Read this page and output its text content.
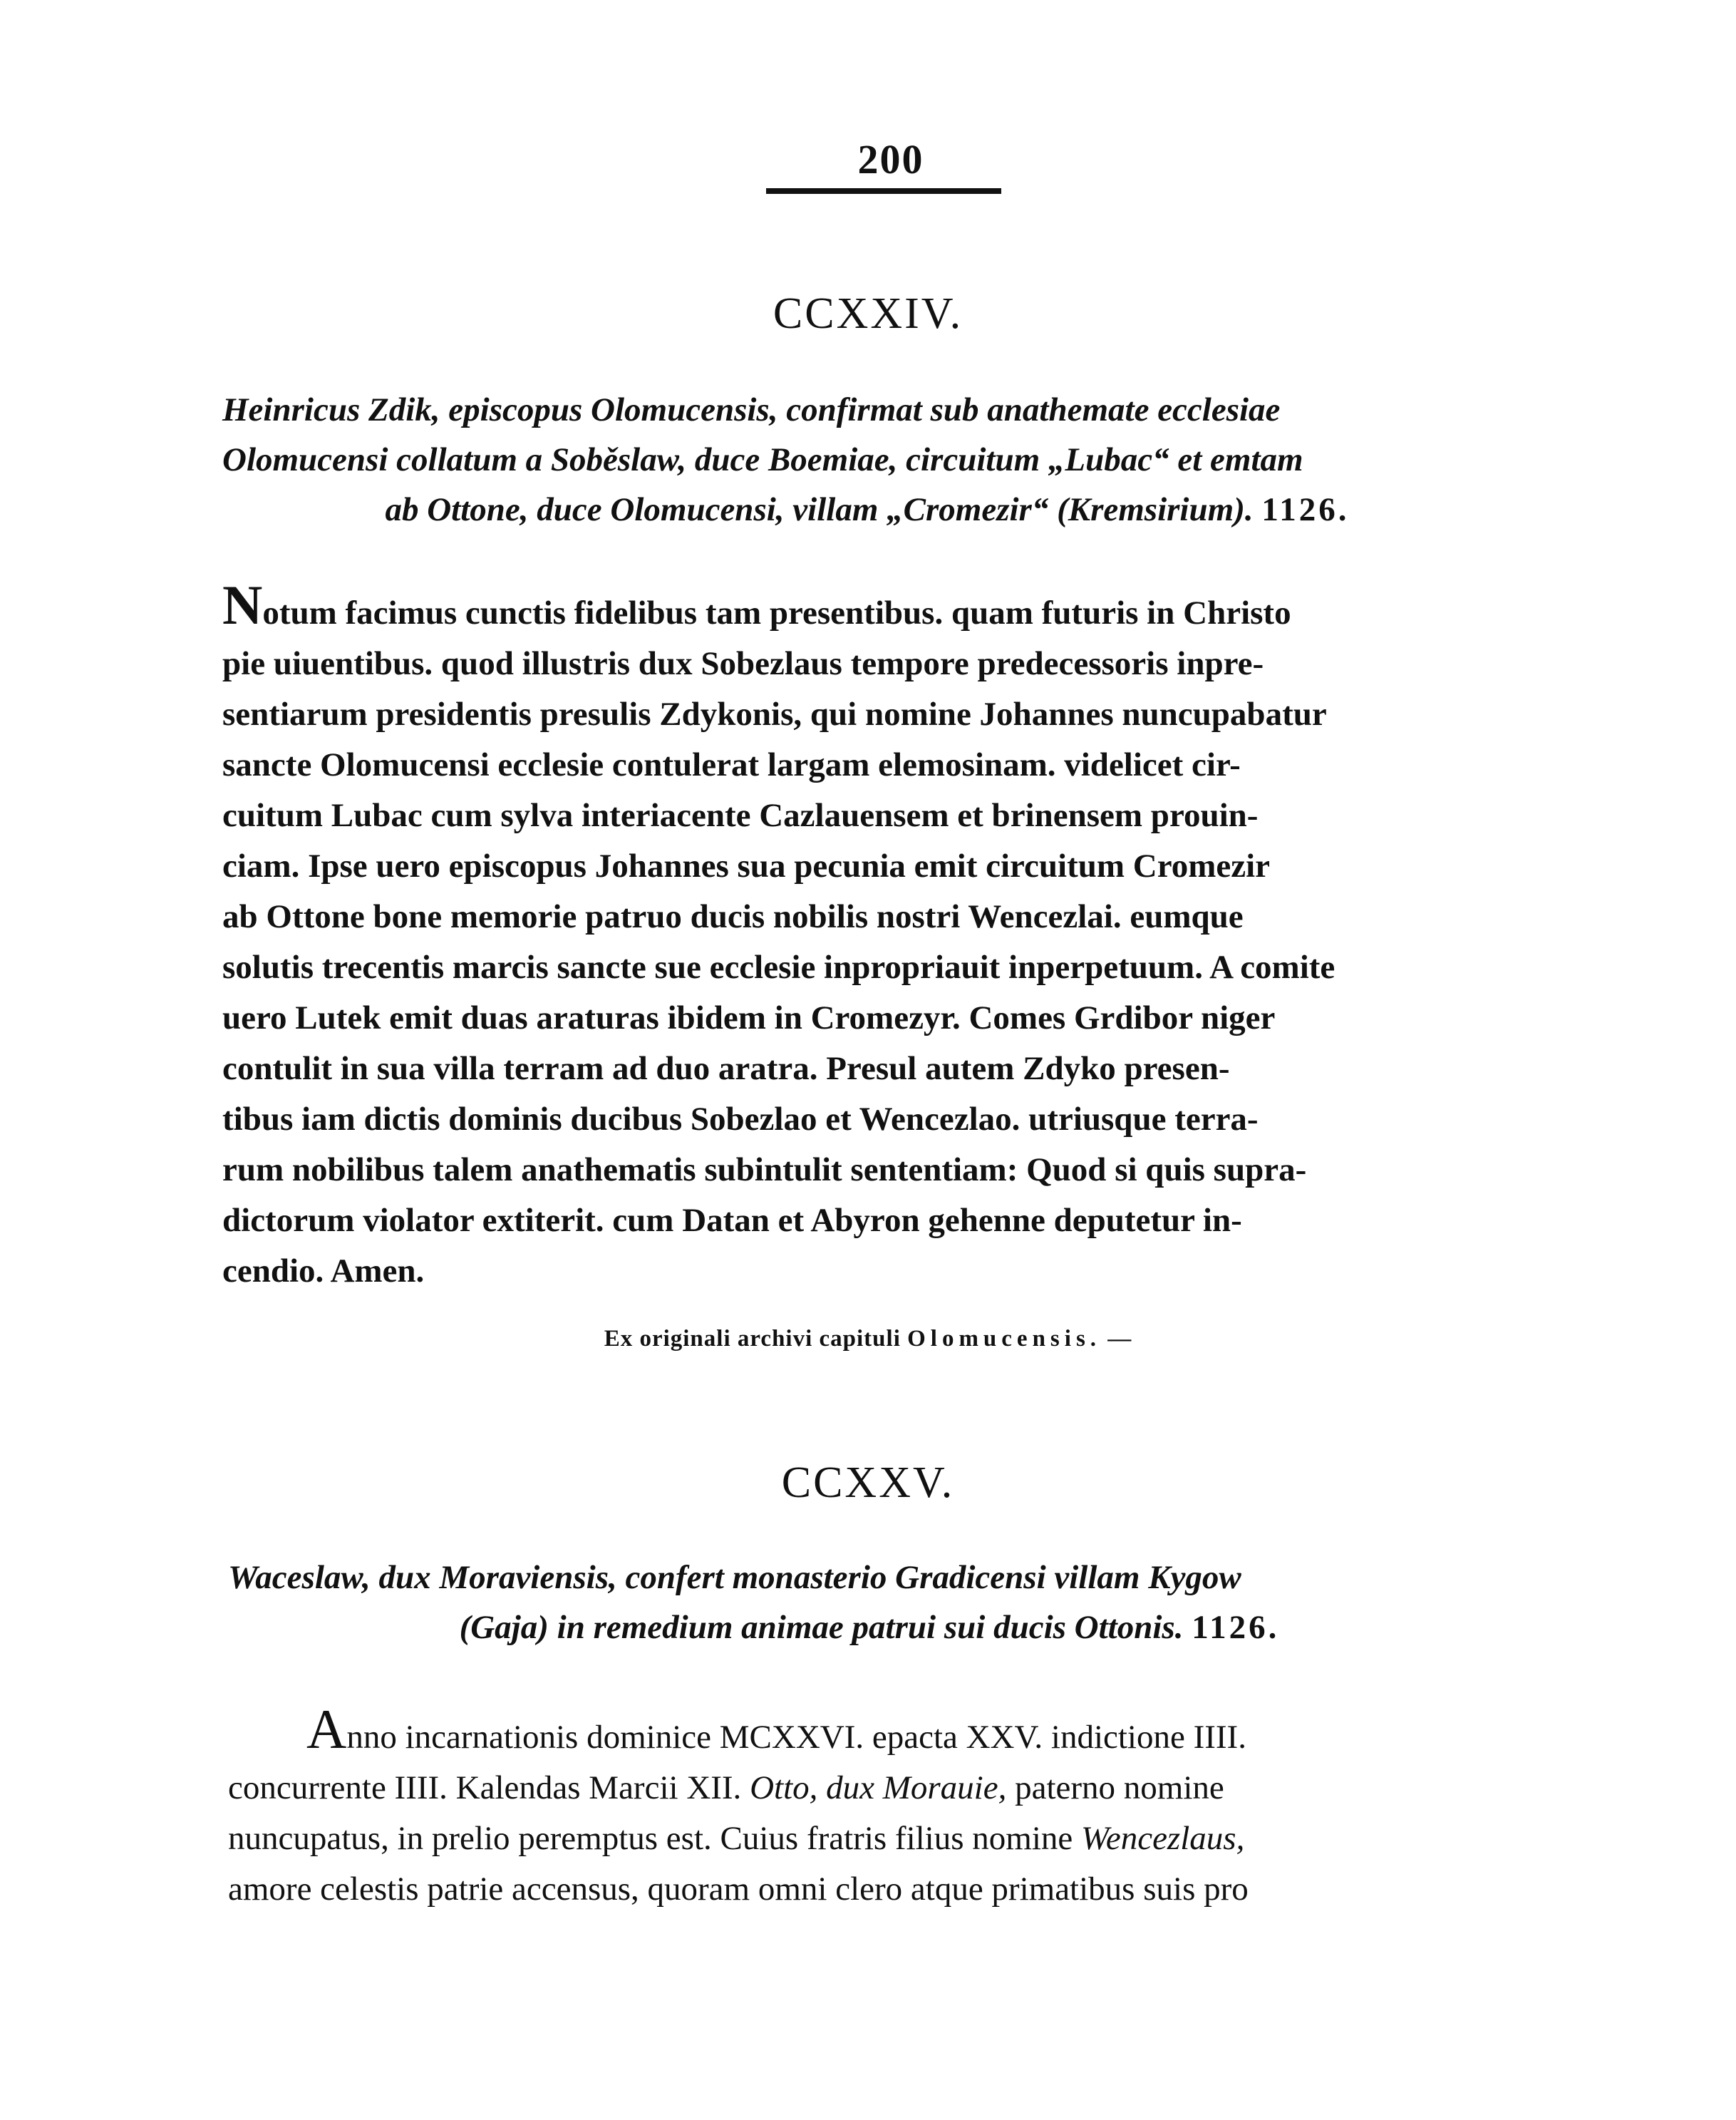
200
CCXXIV.
Heinricus Zdik, episcopus Olomucensis, confirmat sub anathemate ecclesiae
Olomucensi collatum a Soběslaw, duce Boemiae, circuitum „Lubac“ et emtam
ab Ottone, duce Olomucensi, villam „Cromezir“ (Kremsirium). 1126.
Notum facimus cunctis fidelibus tam presentibus. quam futuris in Christo
pie uiuentibus. quod illustris dux Sobezlaus tempore predecessoris inpre-
sentiarum presidentis presulis Zdykonis, qui nomine Johannes nuncupabatur
sancte Olomucensi ecclesie contulerat largam elemosinam. videlicet cir-
cuitum Lubac cum sylva interiacente Cazlauensem et brinensem prouin-
ciam. Ipse uero episcopus Johannes sua pecunia emit circuitum Cromezir
ab Ottone bone memorie patruo ducis nobilis nostri Wencezlai. eumque
solutis trecentis marcis sancte sue ecclesie inpropriauit inperpetuum. A comite
uero Lutek emit duas araturas ibidem in Cromezyr. Comes Grdibor niger
contulit in sua villa terram ad duo aratra. Presul autem Zdyko presen-
tibus iam dictis dominis ducibus Sobezlao et Wencezlao. utriusque terra-
rum nobilibus talem anathematis subintulit sententiam: Quod si quis supra-
dictorum violator extiterit. cum Datan et Abyron gehenne deputetur in-
cendio. Amen.
Ex originali archivi capituli Olomucensis. —
CCXXV.
Waceslaw, dux Moraviensis, confert monasterio Gradicensi villam Kygow
(Gaja) in remedium animae patrui sui ducis Ottonis. 1126.
Anno incarnationis dominice MCXXVI. epacta XXV. indictione IIII.
concurrente IIII. Kalendas Marcii XII. Otto, dux Morauie, paterno nomine
nuncupatus, in prelio peremptus est. Cuius fratris filius nomine Wencezlaus,
amore celestis patrie accensus, quoram omni clero atque primatibus suis pro
